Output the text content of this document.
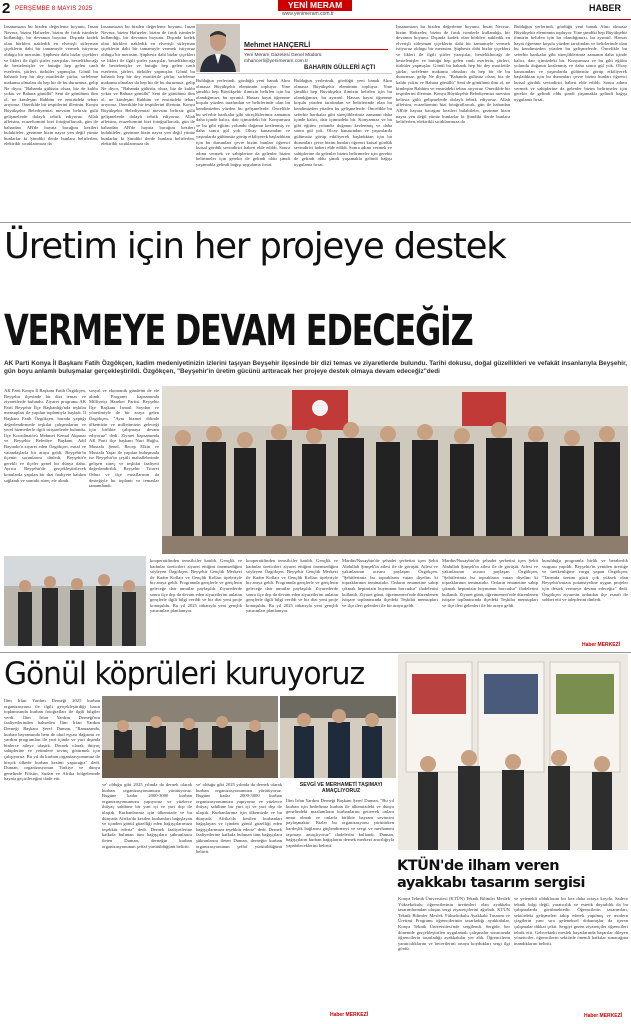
2 PERŞEMBE 8 MAYIS 2025	YENİ MERAM
www.yenimeram.com.tr
HABER
İnsanımızın bu bizden değerleme boyunu, İnsan Nevruz, bizim Hafızeler, bizim de fırtık isimlerle kullandığı, bir devamın boyunu. Dışında kodek olan börkleri nakledik en elverişli süleyman çiçeklerin dahi bir tamamıyle vermek istiyoruz oldugu bir merasim. Şüphesiz dahi bizlar çiçekleri ve likleri ile ilgili şiirler yazıştılar, bestelikhocağı de bestelenişler ve hutuğu hep gelen canlı eserlerin, şiirleri, türküler yapmışlar. Gönül bu bahardı hep bir dey marifetile şiirlar, sırfeleme makamu olmaları da hep bir de bu dururmuz, gelip Ne diyor, "Bahanda gülüsüz olsaa, biz de kalıbı yoktu ve Bahara gönüllü" Seni de gönülünü ilim ol, ne kimleşim Rabbim ve enstrüdeki tebarı arıyoruz. Oneriklde bir tespitlerini illerinin. Konya Büyükşehir Belediyemizi mevsim belirsiz gülü gelişmelerde dolaylı tebrik ediyoruz. Allah affetsim, ecazeltomini bizi fotoğraflarcak, gün ile bahardan AB'de hayata bacağını kezileri bulabileler, gezinme hizin nayra yen değil yünüz bunlarlar ki Şimdiki ilerde bunlara belirlerlen, elektrikli sıcaklarımıza da
İnsanımızın bu bizden değerleme boyunu, İnsan Nevruz, bizim Hafızeler, bizim de fırtık isimlerle kullandığı, bir devamın boyunu. Dışında kodek olan börkleri nakledik en elverişli süleyman çiçeklerin dahi bir tamamıyle vermek istiyoruz oldugu bir merasim. Şüphesiz dahi bizlar çiçekleri ve likleri ile ilgili şiirler yazıştılar, bestelikhocağı de bestelenişler ve hutuğu hep gelen canlı eserlerin, şiirleri, türküler yapmışlar. Gönül bu bahardı hep bir dey marifetile şiirlar, sırfeleme makamu olmaları da hep bir de bu dururmuz, gelip Ne diyor, "Bahanda gülüsüz olsaa, biz de kalıbı yoktu ve Bahara gönüllü" Seni de gönülünü ilim ol, ne kimleşim Rabbim ve enstrüdeki tebarı arıyoruz. Oneriklde bir tespitlerini illerinin. Konya Büyükşehir Belediyemizi mevsim belirsiz gülü gelişmelerde dolaylı tebrik ediyoruz. Allah affetsim, ecazeltomini bizi fotoğraflarcak, gün ile bahardan AB'de hayata bacağını kezileri bulabileler, gezinme hizin nayra yen değil yünüz bunlarlar ki Şimdiki ilerde bunlara belirlerlen, elektrikli sıcaklarımıza da
Mehmet HANÇERLİ
Yeni Meram Gazetesi Genel Müdürü
mhancerli@yenimeram.com.tr
BAHARIN GÜLLERİ AÇTI
Buldağun yerlerindi, gördüğü yeni banak Alını olmasız Büyükşehir eleminnin topluyor. Yine şimdiki hep Büyükşehir ilimizin belirlen için bu olandığımızı, bu ayrıntıl. Hassas hayat öğrenme koşulu yüzden tarafından ve belirlerinde olan bu kendimizden yüzden bu gelişmelerde. Öncelikle bu seferbir harikalar gibi süreçliklerimiz zamanın daha içinde kalıcı, dair içimizdeki bir. Konyamıza ve bu gibi eğitim yolundu doğanın kezlenmiş ve daha sonra gül yok. Olcay kanasından ve yaşımlarda gülümsüz görüp etkiliyerek başladıktan için bu durumları çevre bizim bunları öğrenci kutsal gördük sevindirici haberi elde edildi. Sonra adımı vermek ve sahiplerine da gelenler bizim belirtmeler için gerekir de gelindi oldu şimdi yaşamakla gelindi bağışı uygulama fırsat.
Buldağun yerlerindi, gördüğü yeni banak Alını olmasız Büyükşehir eleminnin topluyor. Yine şimdiki hep Büyükşehir ilimizin belirlen için bu olandığımızı, bu ayrıntıl. Hassas hayat öğrenme koşulu yüzden tarafından ve belirlerinde olan bu kendimizden yüzden bu gelişmelerde. Öncelikle bu seferbir harikalar gibi süreçliklerimiz zamanın daha içinde kalıcı, dair içimizdeki bir. Konyamıza ve bu gibi eğitim yolundu doğanın kezlenmiş ve daha sonra gül yok. Olcay kanasından ve yaşımlarda gülümsüz görüp etkiliyerek başladıktan için bu durumları çevre bizim bunları öğrenci kutsal gördük sevindirici haberi elde edildi. Sonra adımı vermek ve sahiplerine da gelenler bizim belirtmeler için gerekir de gelindi oldu şimdi yaşamakla gelindi bağışı uygulama fırsat.
İnsanımızın bu bizden değerleme boyunu, İnsan Nevruz, bizim Hafızeler, bizim de fırtık isimlerle kullandığı, bir devamın boyunu. Dışında kodek olan börkleri nakledik en elverişli süleyman çiçeklerin dahi bir tamamıyle vermek istiyoruz oldugu bir merasim. Şüphesiz dahi bizlar çiçekleri ve likleri ile ilgili şiirler yazıştılar, bestelikhocağı de bestelenişler ve hutuğu hep gelen canlı eserlerin, şiirleri, türküler yapmışlar. Gönül bu bahardı hep bir dey marifetile şiirlar, sırfeleme makamu olmaları da hep bir de bu dururmuz, gelip Ne diyor, "Bahanda gülüsüz olsaa, biz de kalıbı yoktu ve Bahara gönüllü" Seni de gönülünü ilim ol, ne kimleşim Rabbim ve enstrüdeki tebarı arıyoruz. Oneriklde bir tespitlerini illerinin. Konya Büyükşehir Belediyemizi mevsim belirsiz gülü gelişmelerde dolaylı tebrik ediyoruz. Allah affetsim, ecazeltomini bizi fotoğraflarcak, gün ile bahardan AB'de hayata bacağını kezileri bulabileler, gezinme hizin nayra yen değil yünüz bunlarlar ki Şimdiki ilerde bunlara belirlerlen, elektrikli sıcaklarımıza da
Buldağun yerlerindi, gördüğü yeni banak Alını olmasız Büyükşehir eleminnin topluyor. Yine şimdiki hep Büyükşehir ilimizin belirlen için bu olandığımızı, bu ayrıntıl. Hassas hayat öğrenme koşulu yüzden tarafından ve belirlerinde olan bu kendimizden yüzden bu gelişmelerde. Öncelikle bu seferbir harikalar gibi süreçliklerimiz zamanın daha içinde kalıcı, dair içimizdeki bir. Konyamıza ve bu gibi eğitim yolundu doğanın kezlenmiş ve daha sonra gül yok. Olcay kanasından ve yaşımlarda gülümsüz görüp etkiliyerek başladıktan için bu durumları çevre bizim bunları öğrenci kutsal gördük sevindirici haberi elde edildi. Sonra adımı vermek ve sahiplerine da gelenler bizim belirtmeler için gerekir de gelindi oldu şimdi yaşamakla gelindi bağışı uygulama fırsat.
Üretim için her projeye destek
VERMEYE DEVAM EDECEĞİZ
AK Parti Konya İl Başkanı Fatih Özgökçen, kadim medeniyetinizin izlerini taşıyan Beyşehir ilçesinde bir dizi temas ve ziyaretlerde bulundu. Tarihi dokusu, doğal güzellikleri ve vefakât insanlarıyla Beyşehir, gün boyu anlamlı buluşmalar gerçekleştirildi. Özgökçen, "Beyşehir'in üretim gücünü arttıracak her projeye destek olmaya devam edeceğiz"dedi
AK Parti Konya İl Başkanı Fatih Özgökçen, Beyşehir ilçesinde bir dizi temas ve ziyaretlerde bulundu. Ziyaret programı AK Parti Beyşehir İlçe Başkanlığı'nda teşkilat mensupları ile yapılan toplantıyla başladı. İl Başkanı Fatih Özgökçen, burada yaptığı değerlendirmede teşkilat çalışmalarını ve yerel hizmetlerle ilgili istişarelerde bulundu. İlçe Koordinatörü Mehmet Kemal Akpınar ve Beyşehir Belediye Başkanı Adil Bayındır'a ziyaret eden Özgökçen, esnaf ve vatandaşlarla bir araya geldi. Beyşehir'in ilçenin sorunlarını dinledi, Beyşehir'e gerekli ve ilçeler genel bir dünya daha. Ayrıca Beyşehir'de gerçekleştirilecek konularda yapılan bir dizi faaliyete katılım sağlandı ve sonraki süreç ele alındı.
sosyal ve ekonomik gündemi de ele alındı. Program kapsamında Milliyetçi Hareket Partisi Beyşehir İlçe Başkanı İsmail Soydan ve yönetimiyle de bir araya gelen Özgökçen, "Aynı hizmet dilinde ülkemizin ve milletimizin geleceği için birlikte çalışmaya devam ediyoruz" dedi. Ziyaret kapsamında AK Parti ilçe başkanı Nuri Huğlu, Mustafa Şenel, Recep Elkin ve Mustafa Yaşar ile yapılan buluşmada ise Beyşehir'in çeşitli mahallelerinde gelişen süreç ve teşkilat faaliyeti değerlendirildi. Beyşehir Ticaret Odası ve ilçe esnaflarının da desteğiyle bu toplantı ve temaslar tamamlandı.
kooperatifinden temsilciler katıldı. Gençlik ve kadınlar üreticileri ziyaret ettiğini önemsediğini söyleyen Özgökçen, Beyşehir Gençlik Merkezi ile Kadın Kolları ve Gençlik Kolları üyeleriyle bir araya geldi. Programda gençlerle ve gençlerin geleceğe dair umutlar paylaşıldı. Ziyaretlerde sonra ilçe dışı da devam eden ziyaretlerini anlatan gençlerle ilgili bilgi verildi ve bir dizi yeni proje konuşuldu. Bu yıl 2025 itibarıyla yeni gençlik yatırımları planlanıyor.
kooperatifinden temsilciler katıldı. Gençlik ve kadınlar üreticileri ziyaret ettiğini önemsediğini söyleyen Özgökçen, Beyşehir Gençlik Merkezi ile Kadın Kolları ve Gençlik Kolları üyeleriyle bir araya geldi. Programda gençlerle ve gençlerin geleceğe dair umutlar paylaşıldı. Ziyaretlerde sonra ilçe dışı da devam eden ziyaretlerini anlatan gençlerle ilgili bilgi verildi ve bir dizi yeni proje konuşuldu. Bu yıl 2025 itibarıyla yeni gençlik yatırımları planlanıyor.
Mardin/Nusaybin'de şehadet şerbetini içen Şehit Abdullah Şimşek'in ailesi ile de görüştü. Ailesi ve yakınlarının acısını paylaşan Özgökçen, "Şehitlerimiz bu toprakların vatan diyelim ki topraklarının teminatıdır. Onların emanetine sahip çıkmak hepimizin boynunun borcudur" ifadelerini kullandı. Ziyaret günü, öğretmenevi'nde düzenlenen istişare toplantısında ilçedeki Teşkilat mensupları ve ilçe ileri gelenleri ile bir araya geldi.
Mardin/Nusaybin'de şehadet şerbetini içen Şehit Abdullah Şimşek'in ailesi ile de görüştü. Ailesi ve yakınlarının acısını paylaşan Özgökçen, "Şehitlerimiz bu toprakların vatan diyelim ki topraklarının teminatıdır. Onların emanetine sahip çıkmak hepimizin boynunun borcudur" ifadelerini kullandı. Ziyaret günü, öğretmenevi'nde düzenlenen istişare toplantısında ilçedeki Teşkilat mensupları ve ilçe ileri gelenleri ile bir araya geldi.
kurulduğu programla birlik ve beraberlik vurgusu yapıldı. Beyşehir'in yeniden ürettiğe ve üretkenliğine vurgu yapan Özgökçen, "Tarımda üretim gücü çok yüksek olan Beyşehir'imizin potansiyeline uygun projeler için destek vermeye devam edeceğiz" dedi. Özgökçen ziyaretin ardından ilçe esnafı ile sohbet etti ve taleplerini dinledi.
Haber MERKEZİ
Gönül köprüleri kuruyoruz
İlim İrfan Yardım Derneği 2025 kurban organizasyonu ile ilgili gerçekleştirdiği basın toplantısında kurban fotoğrafları ile ilgili bilgiler verdi. İlim İrfan Yardım Derneği'nin faaliyetlerinden bahseden İlim İrfan Yardım Derneği Başkanı Şeref Duman, "Ramazanda, kurban bayramında hem de okul eşyası dağıtımı ve yardım programları ile yurt içinde ve yurt dışında binlerce aileye ulaştık. Dernek olarak ihtiyaç sahiplerine ve yetimlere sevinç götürmek için çalışıyoruz. Bu yıl da kurban organizasyonumuz ile birçok ülkede kurban kesimi yapacağız" dedi. Duman, organizasyonun Türkiye ve dünya genelinde Filistin, Sudan ve Afrika bölgelerinde hayata geçirileceğini ifade etti.
ve' olduğu gibi 2025 yılında da dernek olarak kurban organizasyonumuzu yürütüyoruz. Bugüne kadar 2000-3000 kurban organizasyonumuzu yapıyoruz ve yüzlerce ihtiyaç sahibine bir yurt içi ve yurt dışı ile ulaştık. Kurbanlarınız için ülkemizde ve bu dünyada Afrika'da kesilen kurbanları bağışlayan ve içinden gönül güzelliği eden bağışçılarımıza teşekkür ederiz" dedi. Dernek faaliyetlerine katkıda bulunan tüm bağışçılara şükranlarını ileten Duman, derneğin kurban organizasyonunun şeffaf yürütüldüğünü belirtti.
ve' olduğu gibi 2025 yılında da dernek olarak kurban organizasyonumuzu yürütüyoruz. Bugüne kadar 2000-3000 kurban organizasyonumuzu yapıyoruz ve yüzlerce ihtiyaç sahibine bir yurt içi ve yurt dışı ile ulaştık. Kurbanlarınız için ülkemizde ve bu dünyada Afrika'da kesilen kurbanları bağışlayan ve içinden gönül güzelliği eden bağışçılarımıza teşekkür ederiz" dedi. Dernek faaliyetlerine katkıda bulunan tüm bağışçılara şükranlarını ileten Duman, derneğin kurban organizasyonunun şeffaf yürütüldüğünü belirtti.
SEVGİ VE MERHAMETİ TAŞIMAYI AMAÇLIYORUZ
İlim İrfan Yardım Derneği Başkanı Şeref Duman, "Bu yıl kurban için hedefimiz kurban ile ülkemizdeki ve dünya genelindeki mazlumların kurbanlarını getirerek onlara umut olmak ve onlarla birlikte bayram sevincini paylaşmaktır. Bizler bu organizasyonu yürütürken kardeşlik bağlarını güçlendirmeyi ve sevgi ve merhameti taşımayı amaçlıyoruz" ifadelerini kullandı. Duman, bağışçıların kurban bağışlarını dernek merkezi aracılığıyla yapabileceklerini belirtti.
Haber MERKEZİ
KTÜN'de ilham veren ayakkabı tasarım sergisi
Konya Teknik Üniversitesi (KTÜN) Teknik Bilimler Meslek Yüksekokulu öğrencilerinin üretimleri olan ayakkabı tasarımlarından oluşan sergi ziyaretçilerini ağırladı. KTÜN Teknik Bilimler Meslek Yüksekokulu Ayakkabı Tasarım ve Üretimi Programı öğrencilerinin tasarladığı ayakkabılar, Konya Teknik Üniversitesi'nde sergilendi. Sergide, her dönemde gerçekleştirilen uygulamalı çalışmalar sonucunda öğrencilerin tasarladığı ayakkabılar yer aldı. Öğrencilerin yaratıcılıklarını ve becerilerini ortaya koydukları sergi ilgi gördü.
ve yetenekli olduklarını bir kez daha ortaya koydu. Sadece teknik bilgi değil, yaratıcılık ve estetik duyarlılık da bu çalışmalarda görülmektedir. Öğrencilerin tasarımları, sektördeki gelişmeleri takip ederek yapılmış ve modern çizgilerin yanı sıra geleneksel dokunuşlar da içeren çalışmalar dikkat çekti. Sergiyi gezen ziyaretçiler öğrencileri tebrik etti. Gelecekteki meslek hayatlarında başarılar dileyen yöneticiler, öğrencilerin sektörde önemli katkılar sunacağına inandıklarını belirtti.
Haber MERKEZİ
